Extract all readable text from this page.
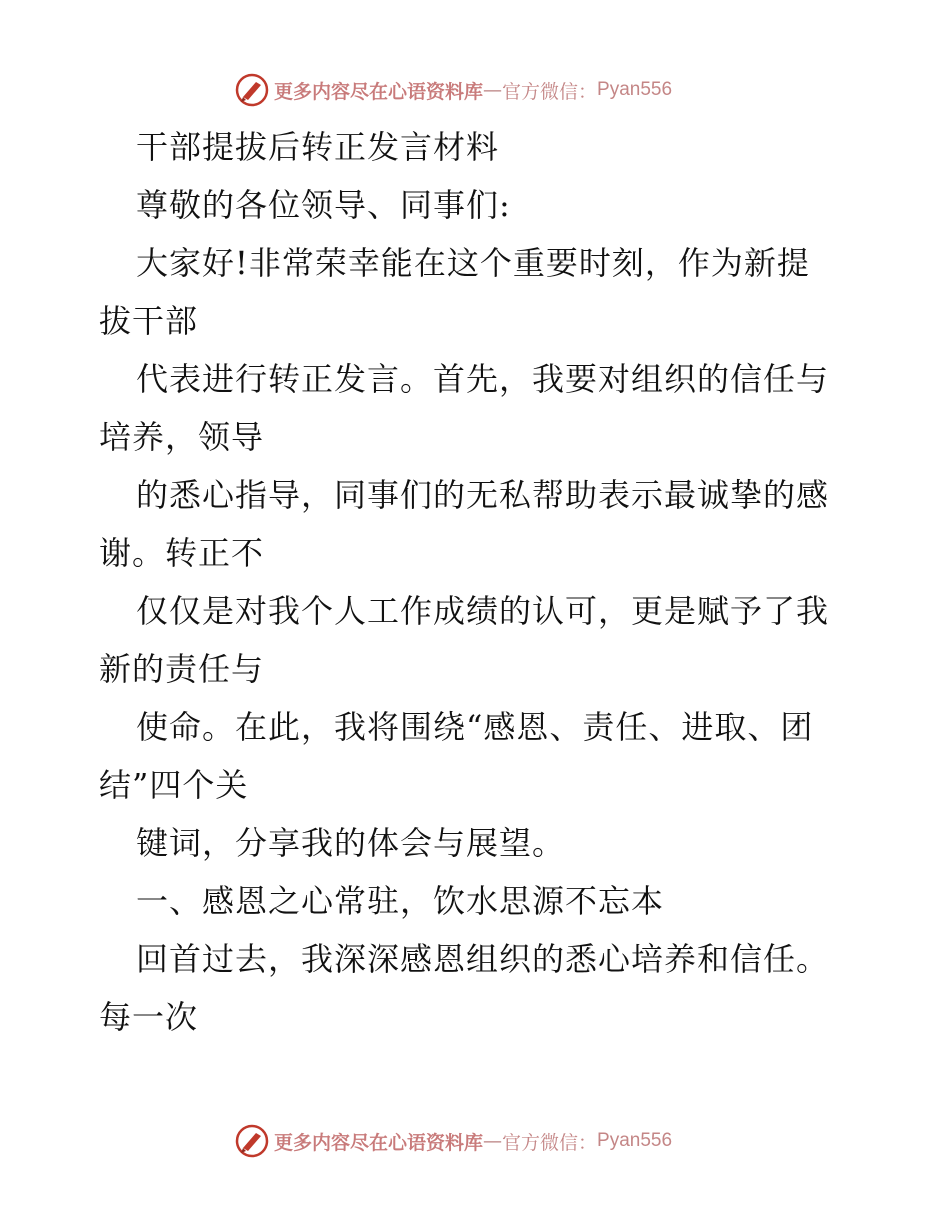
更多内容尽在心语资料库 — 官方微信： Pyan556
干部提拔后转正发言材料
尊敬的各位领导、同事们:
大家好!非常荣幸能在这个重要时刻，作为新提
拔干部
代表进行转正发言。首先，我要对组织的信任与
培养，领导
的悉心指导，同事们的无私帮助表示最诚挚的感
谢。转正不
仅仅是对我个人工作成绩的认可，更是赋予了我
新的责任与
使命。在此，我将围绕“感恩、责任、进取、团
结”四个关
键词，分享我的体会与展望。
一、感恩之心常驻，饮水思源不忘本
回首过去，我深深感恩组织的悉心培养和信任。
每一次
更多内容尽在心语资料库 — 官方微信： Pyan556
